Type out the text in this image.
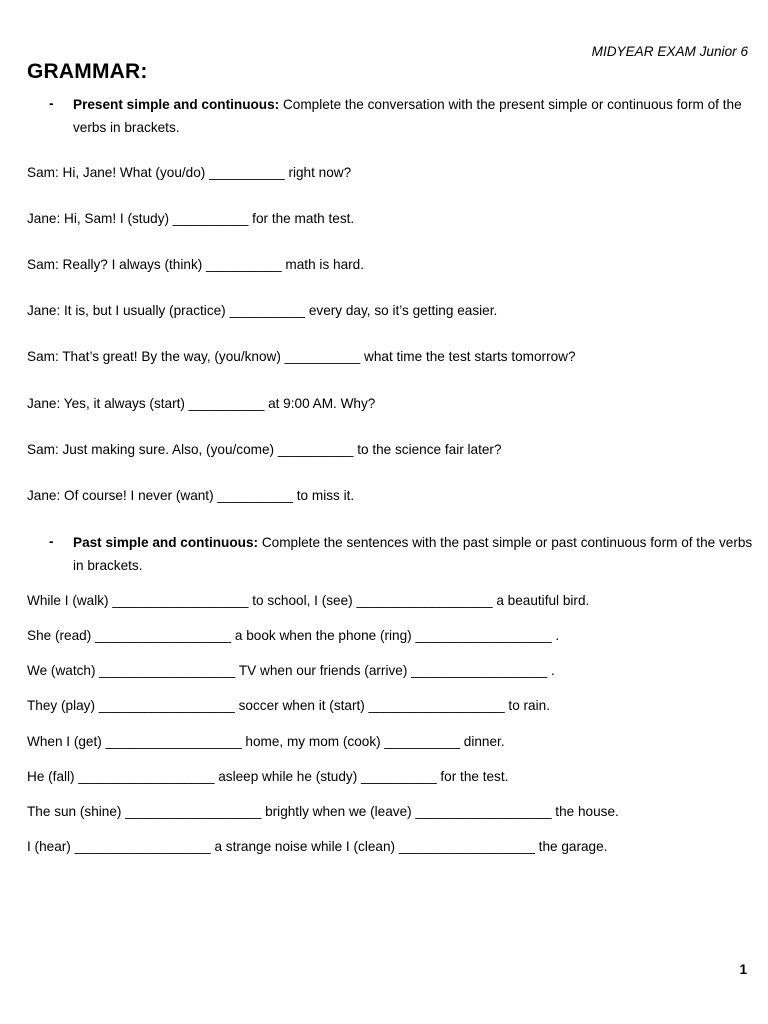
MIDYEAR EXAM Junior 6
GRAMMAR:
- Present simple and continuous: Complete the conversation with the present simple or continuous form of the verbs in brackets.
Sam: Hi, Jane! What (you/do) __________ right now?
Jane: Hi, Sam! I (study) __________ for the math test.
Sam: Really? I always (think) __________ math is hard.
Jane: It is, but I usually (practice) __________ every day, so it’s getting easier.
Sam: That’s great! By the way, (you/know) __________ what time the test starts tomorrow?
Jane: Yes, it always (start) __________ at 9:00 AM. Why?
Sam: Just making sure. Also, (you/come) __________ to the science fair later?
Jane: Of course! I never (want) __________ to miss it.
- Past simple and continuous: Complete the sentences with the past simple or past continuous form of the verbs in brackets.
While I (walk) __________________ to school, I (see) __________________ a beautiful bird.
She (read) __________________ a book when the phone (ring) __________________ .
We (watch) __________________ TV when our friends (arrive) __________________ .
They (play) __________________ soccer when it (start) __________________ to rain.
When I (get) __________________ home, my mom (cook) __________ dinner.
He (fall) __________________ asleep while he (study) __________ for the test.
The sun (shine) __________________ brightly when we (leave) __________________ the house.
I (hear) __________________ a strange noise while I (clean) __________________ the garage.
1
